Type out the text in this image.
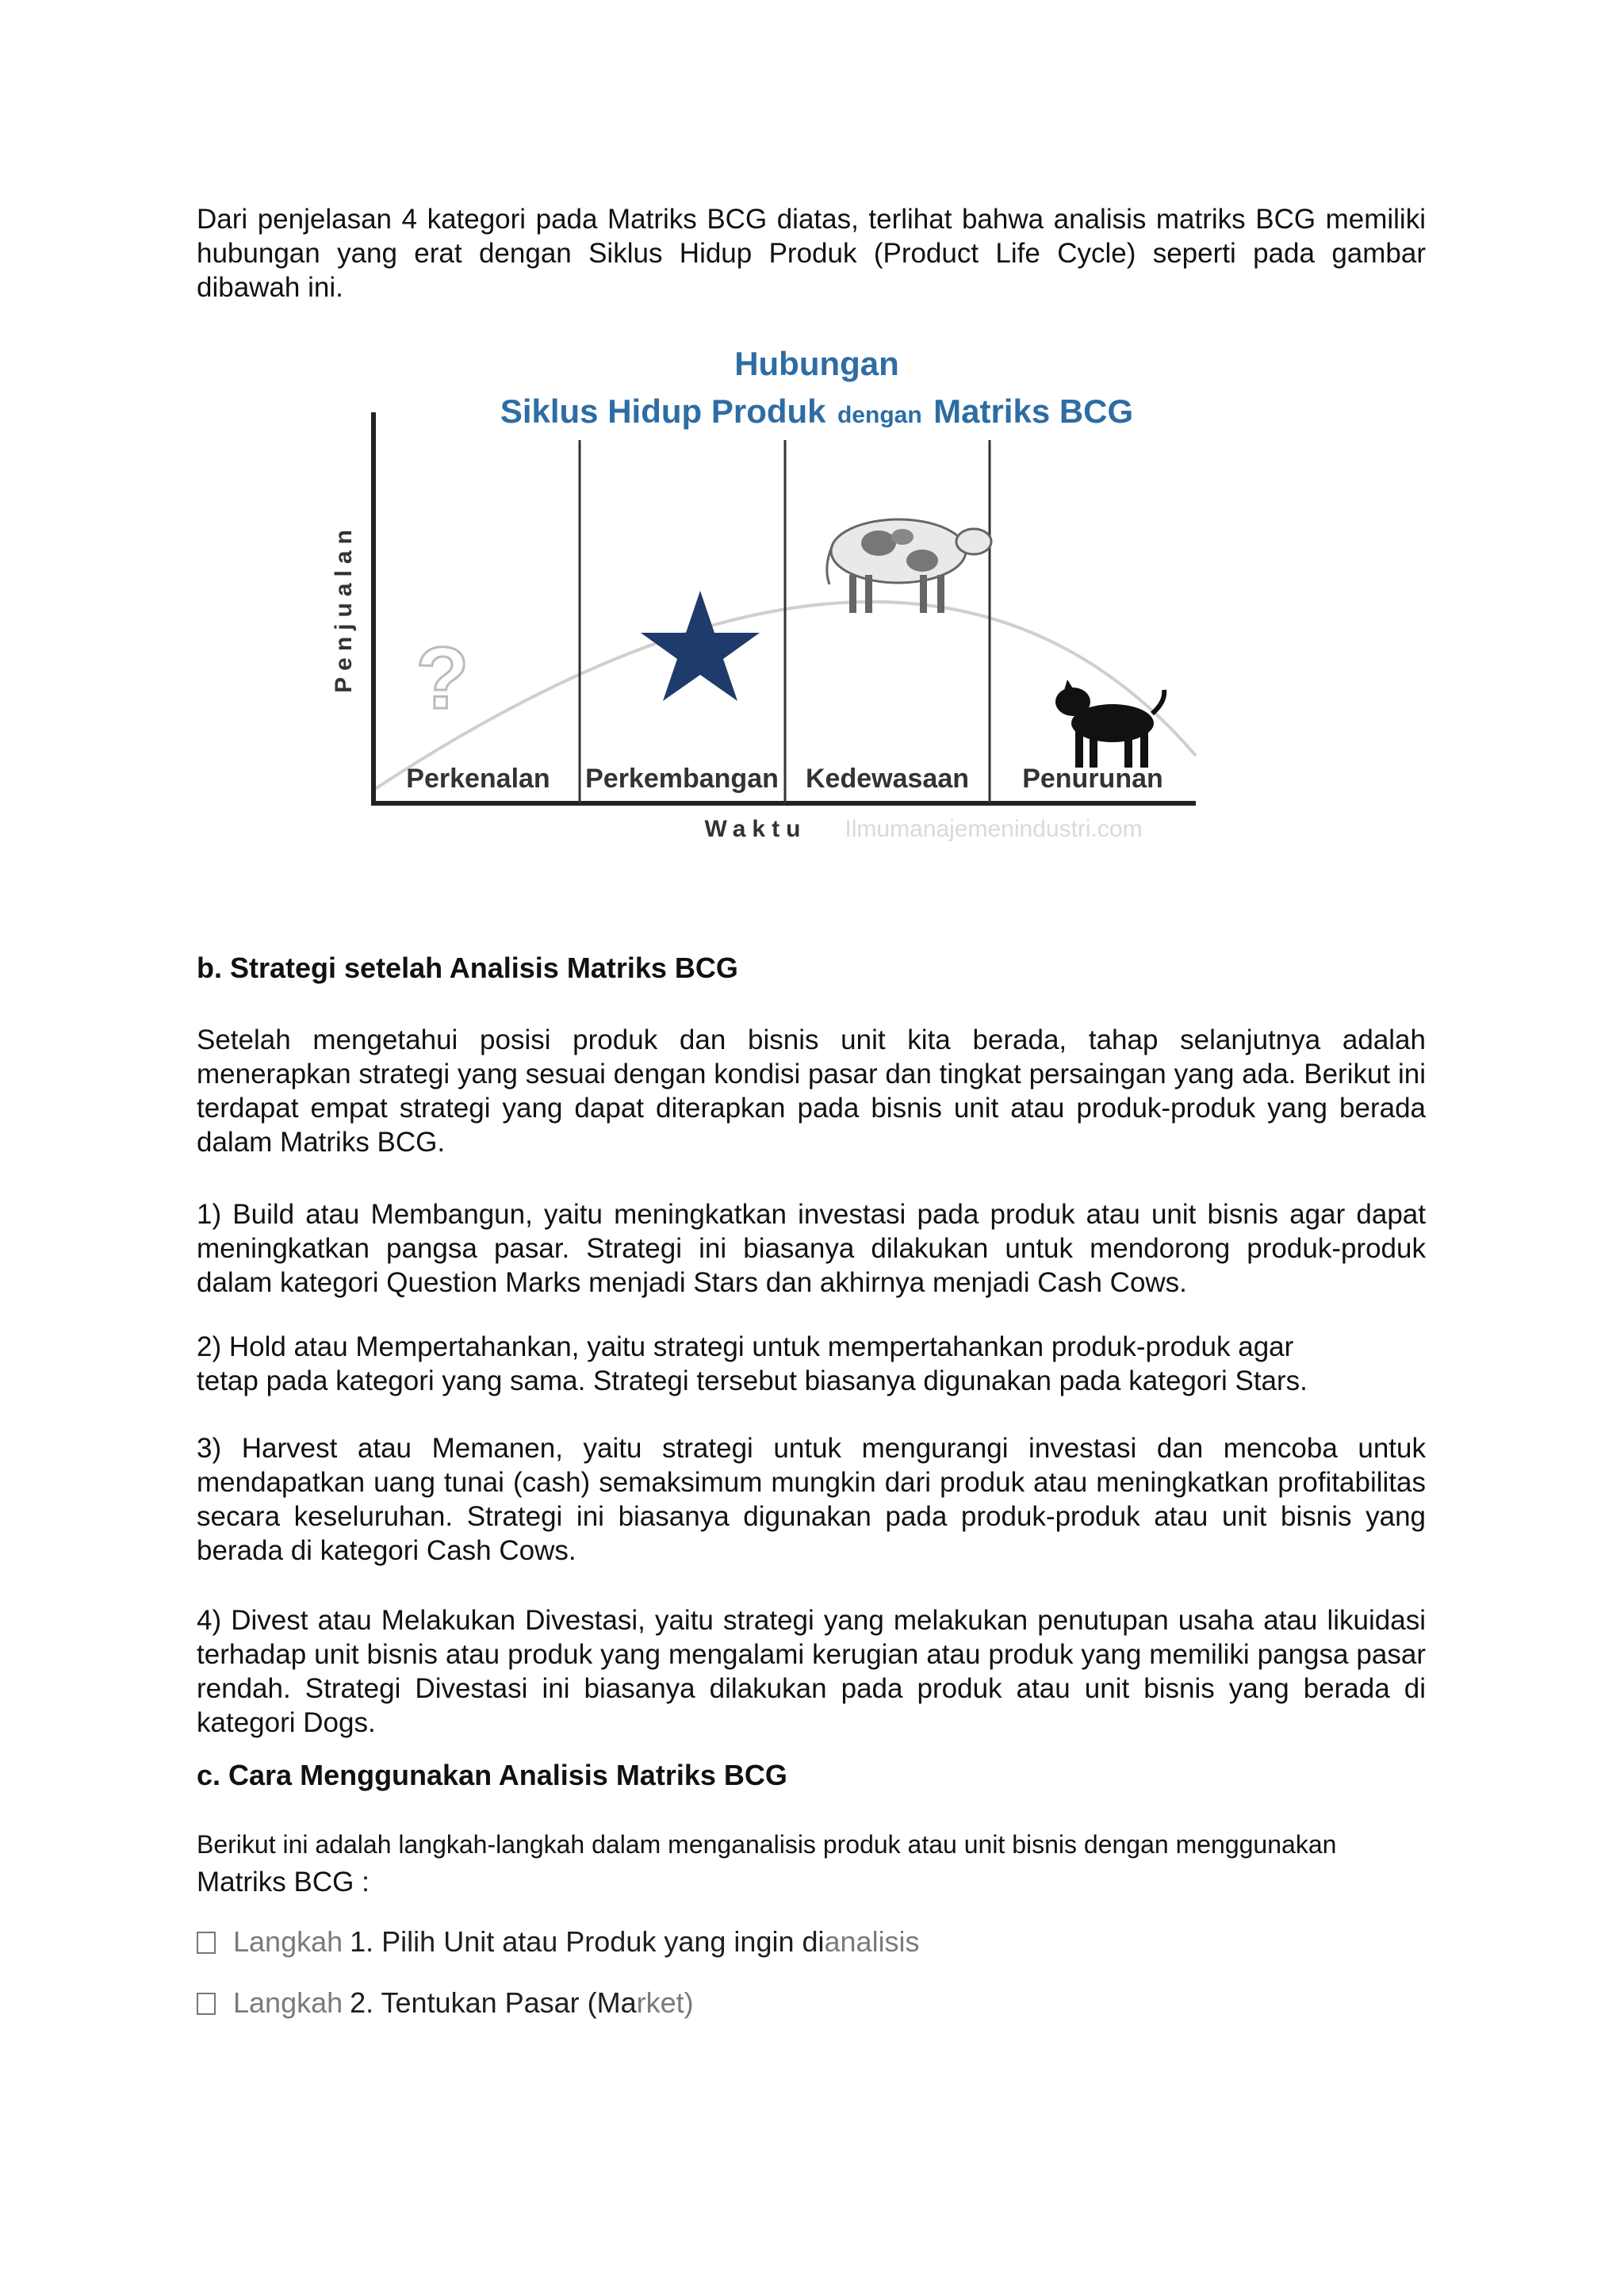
Dari penjelasan 4 kategori pada Matriks BCG diatas, terlihat bahwa analisis matriks BCG memiliki hubungan yang erat dengan Siklus Hidup Produk (Product Life Cycle) seperti pada gambar dibawah ini.

Hubungan
Siklus Hidup Produk dengan Matriks BCG
?
Perkenalan Perkembangan Kedewasaan Penurunan
Penjualan
Waktu Ilmumanajemenindustri.com
b. Strategi setelah Analisis Matriks BCG

Setelah mengetahui posisi produk dan bisnis unit kita berada, tahap selanjutnya adalah menerapkan strategi yang sesuai dengan kondisi pasar dan tingkat persaingan yang ada. Berikut ini terdapat empat strategi yang dapat diterapkan pada bisnis unit atau produk-produk yang berada dalam Matriks BCG.

1) Build atau Membangun, yaitu meningkatkan investasi pada produk atau unit bisnis agar dapat meningkatkan pangsa pasar. Strategi ini biasanya dilakukan untuk mendorong produk-produk dalam kategori Question Marks menjadi Stars dan akhirnya menjadi Cash Cows.

2) Hold atau Mempertahankan, yaitu strategi untuk mempertahankan produk-produk agar
tetap pada kategori yang sama. Strategi tersebut biasanya digunakan pada kategori Stars.

3) Harvest atau Memanen, yaitu strategi untuk mengurangi investasi dan mencoba untuk mendapatkan uang tunai (cash) semaksimum mungkin dari produk atau meningkatkan profitabilitas secara keseluruhan. Strategi ini biasanya digunakan pada produk-produk atau unit bisnis yang berada di kategori Cash Cows.

4) Divest atau Melakukan Divestasi, yaitu strategi yang melakukan penutupan usaha atau likuidasi terhadap unit bisnis atau produk yang mengalami kerugian atau produk yang memiliki pangsa pasar rendah. Strategi Divestasi ini biasanya dilakukan pada produk atau unit bisnis yang berada di kategori Dogs.

c. Cara Menggunakan Analisis Matriks BCG
Berikut ini adalah langkah-langkah dalam menganalisis produk atau unit bisnis dengan menggunakan
Matriks BCG :
Langkah 1. Pilih Unit atau Produk yang ingin di analisis
Langkah 2. Tentukan Pasar (Ma rket)
